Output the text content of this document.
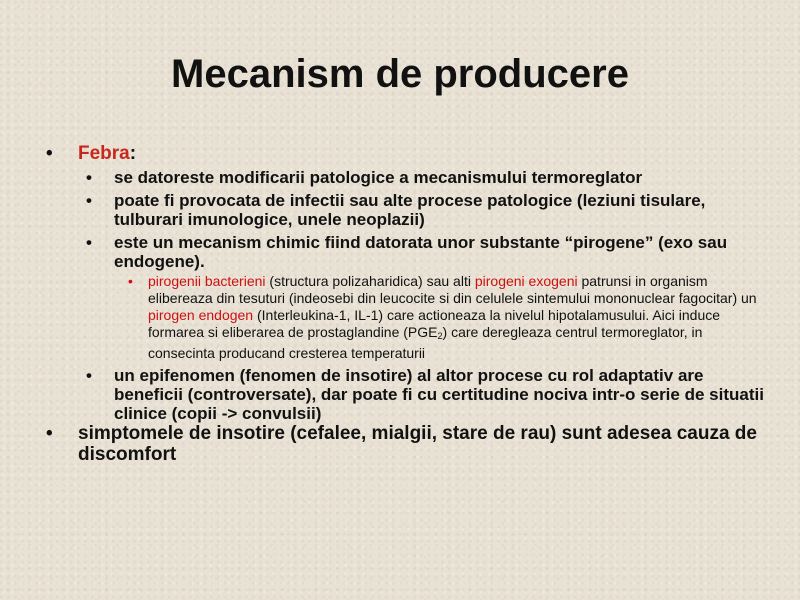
Mecanism de producere
• Febra:
• se datoreste modificarii patologice a mecanismului termoreglator
• poate fi provocata de infectii sau alte procese patologice (leziuni tisulare, tulburari imunologice, unele neoplazii)
• este un mecanism chimic fiind datorata unor substante “pirogene” (exo sau endogene).
• pirogenii bacterieni (structura polizaharidica) sau alti pirogeni exogeni patrunsi in organism elibereaza din tesuturi (indeosebi din leucocite si din celulele sintemului mononuclear fagocitar) un pirogen endogen (Interleukina-1, IL-1) care actioneaza la nivelul hipotalamusului. Aici induce formarea si eliberarea de prostaglandine $(PGE_2)$ care deregleaza centrul termoreglator, in consecinta producand cresterea temperaturii
• un epifenomen (fenomen de insotire) al altor procese cu rol adaptativ are beneficii (controversate), dar poate fi cu certitudine nociva intr-o serie de situatii clinice (copii -> convulsii)
• simptomele de insotire (cefalee, mialgii, stare de rau) sunt adesea cauza de discomfort
